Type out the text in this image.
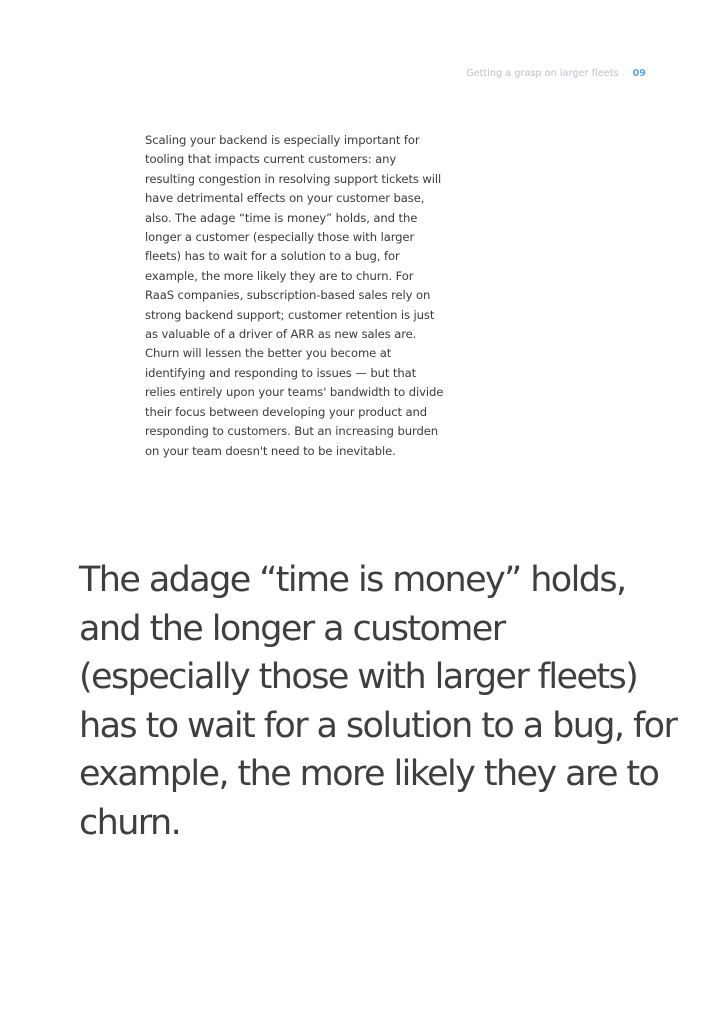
Getting a grasp on larger fleets 09

Scaling your backend is especially important for tooling that impacts current customers: any resulting congestion in resolving support tickets will have detrimental effects on your customer base, also. The adage “time is money” holds, and the longer a customer (especially those with larger fleets) has to wait for a solution to a bug, for example, the more likely they are to churn. For RaaS companies, subscription-based sales rely on strong backend support; customer retention is just as valuable of a driver of ARR as new sales are. Churn will lessen the better you become at identifying and responding to issues — but that relies entirely upon your teams' bandwidth to divide their focus between developing your product and responding to customers. But an increasing burden on your team doesn't need to be inevitable.

The adage “time is money” holds, and the longer a customer (especially those with larger fleets) has to wait for a solution to a bug, for example, the more likely they are to churn.
